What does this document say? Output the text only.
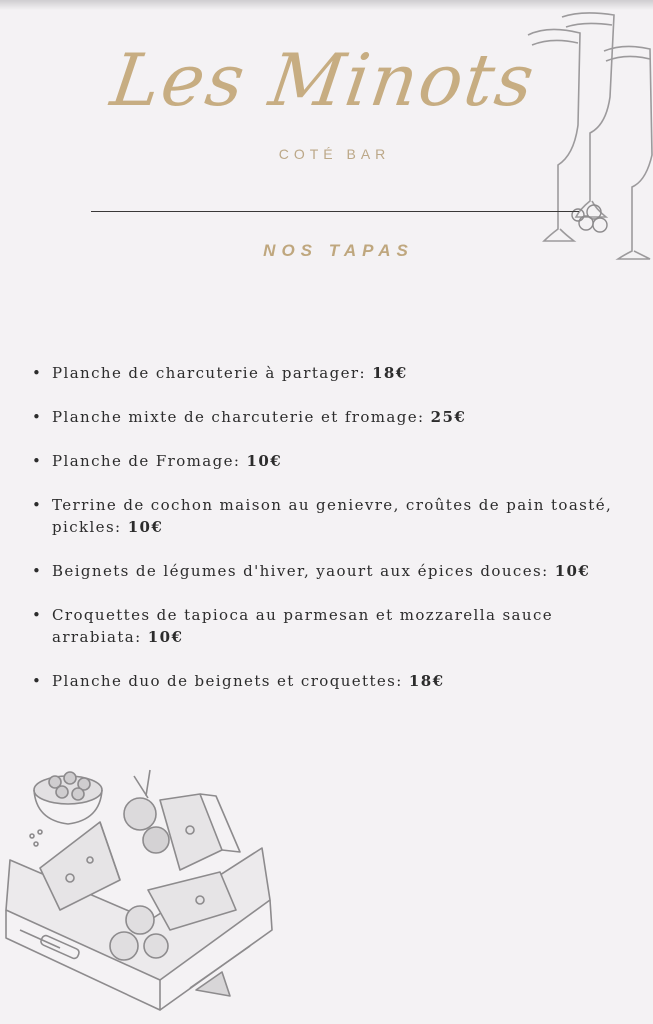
Les Minots
COTÉ BAR
NOS TAPAS
• Planche de charcuterie à partager: 18€
• Planche mixte de charcuterie et fromage: 25€
• Planche de Fromage: 10€
• Terrine de cochon maison au genievre, croûtes de pain toasté, pickles: 10€
• Beignets de légumes d'hiver, yaourt aux épices douces: 10€
• Croquettes de tapioca au parmesan et mozzarella sauce arrabiata: 10€
• Planche duo de beignets et croquettes: 18€
